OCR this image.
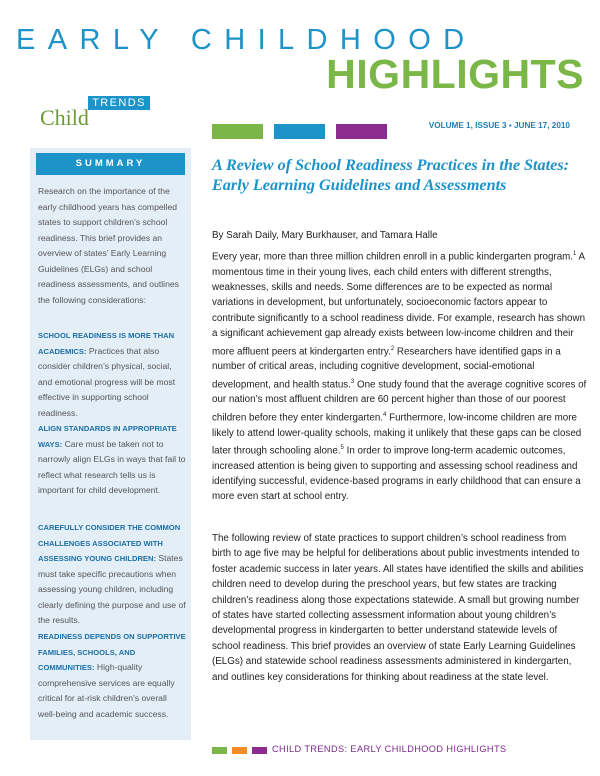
EARLY CHILDHOOD
HIGHLIGHTS
TRENDS
Child	VOLUME 1, ISSUE 3 ▪ JUNE 17, 2010
SUMMARY
Research on the importance of the early childhood years has compelled states to support children’s school readiness. This brief provides an overview of states’ Early Learning Guidelines (ELGs) and school readiness assessments, and outlines the following considerations:
SCHOOL READINESS IS MORE THAN ACADEMICS: Practices that also consider children’s physical, social, and emotional progress will be most effective in supporting school readiness.
ALIGN STANDARDS IN APPROPRIATE WAYS: Care must be taken not to narrowly align ELGs in ways that fail to reflect what research tells us is important for child development.
CAREFULLY CONSIDER THE COMMON CHALLENGES ASSOCIATED WITH ASSESSING YOUNG CHILDREN: States must take specific precautions when assessing young children, including clearly defining the purpose and use of the results.
READINESS DEPENDS ON SUPPORTIVE FAMILIES, SCHOOLS, AND COMMUNITIES: High-quality comprehensive services are equally critical for at-risk children’s overall well-being and academic success.
A Review of School Readiness Practices in the States: Early Learning Guidelines and Assessments
By Sarah Daily, Mary Burkhauser, and Tamara Halle
Every year, more than three million children enroll in a public kindergarten program.$^1$ A momentous time in their young lives, each child enters with different strengths, weaknesses, skills and needs. Some differences are to be expected as normal variations in development, but unfortunately, socioeconomic factors appear to contribute significantly to a school readiness divide. For example, research has shown a significant achievement gap already exists between low-income children and their more affluent peers at kindergarten entry.$^2$ Researchers have identified gaps in a number of critical areas, including cognitive development, social-emotional development, and health status.$^3$ One study found that the average cognitive scores of our nation’s most affluent children are 60 percent higher than those of our poorest children before they enter kindergarten.$^4$ Furthermore, low-income children are more likely to attend lower-quality schools, making it unlikely that these gaps can be closed later through schooling alone.$^5$ In order to improve long-term academic outcomes, increased attention is being given to supporting and assessing school readiness and identifying successful, evidence-based programs in early childhood that can ensure a more even start at school entry.
The following review of state practices to support children’s school readiness from birth to age five may be helpful for deliberations about public investments intended to foster academic success in later years. All states have identified the skills and abilities children need to develop during the preschool years, but few states are tracking children’s readiness along those expectations statewide. A small but growing number of states have started collecting assessment information about young children’s developmental progress in kindergarten to better understand statewide levels of school readiness. This brief provides an overview of state Early Learning Guidelines (ELGs) and statewide school readiness assessments administered in kindergarten, and outlines key considerations for thinking about readiness at the state level.
CHILD TRENDS: EARLY CHILDHOOD HIGHLIGHTS
